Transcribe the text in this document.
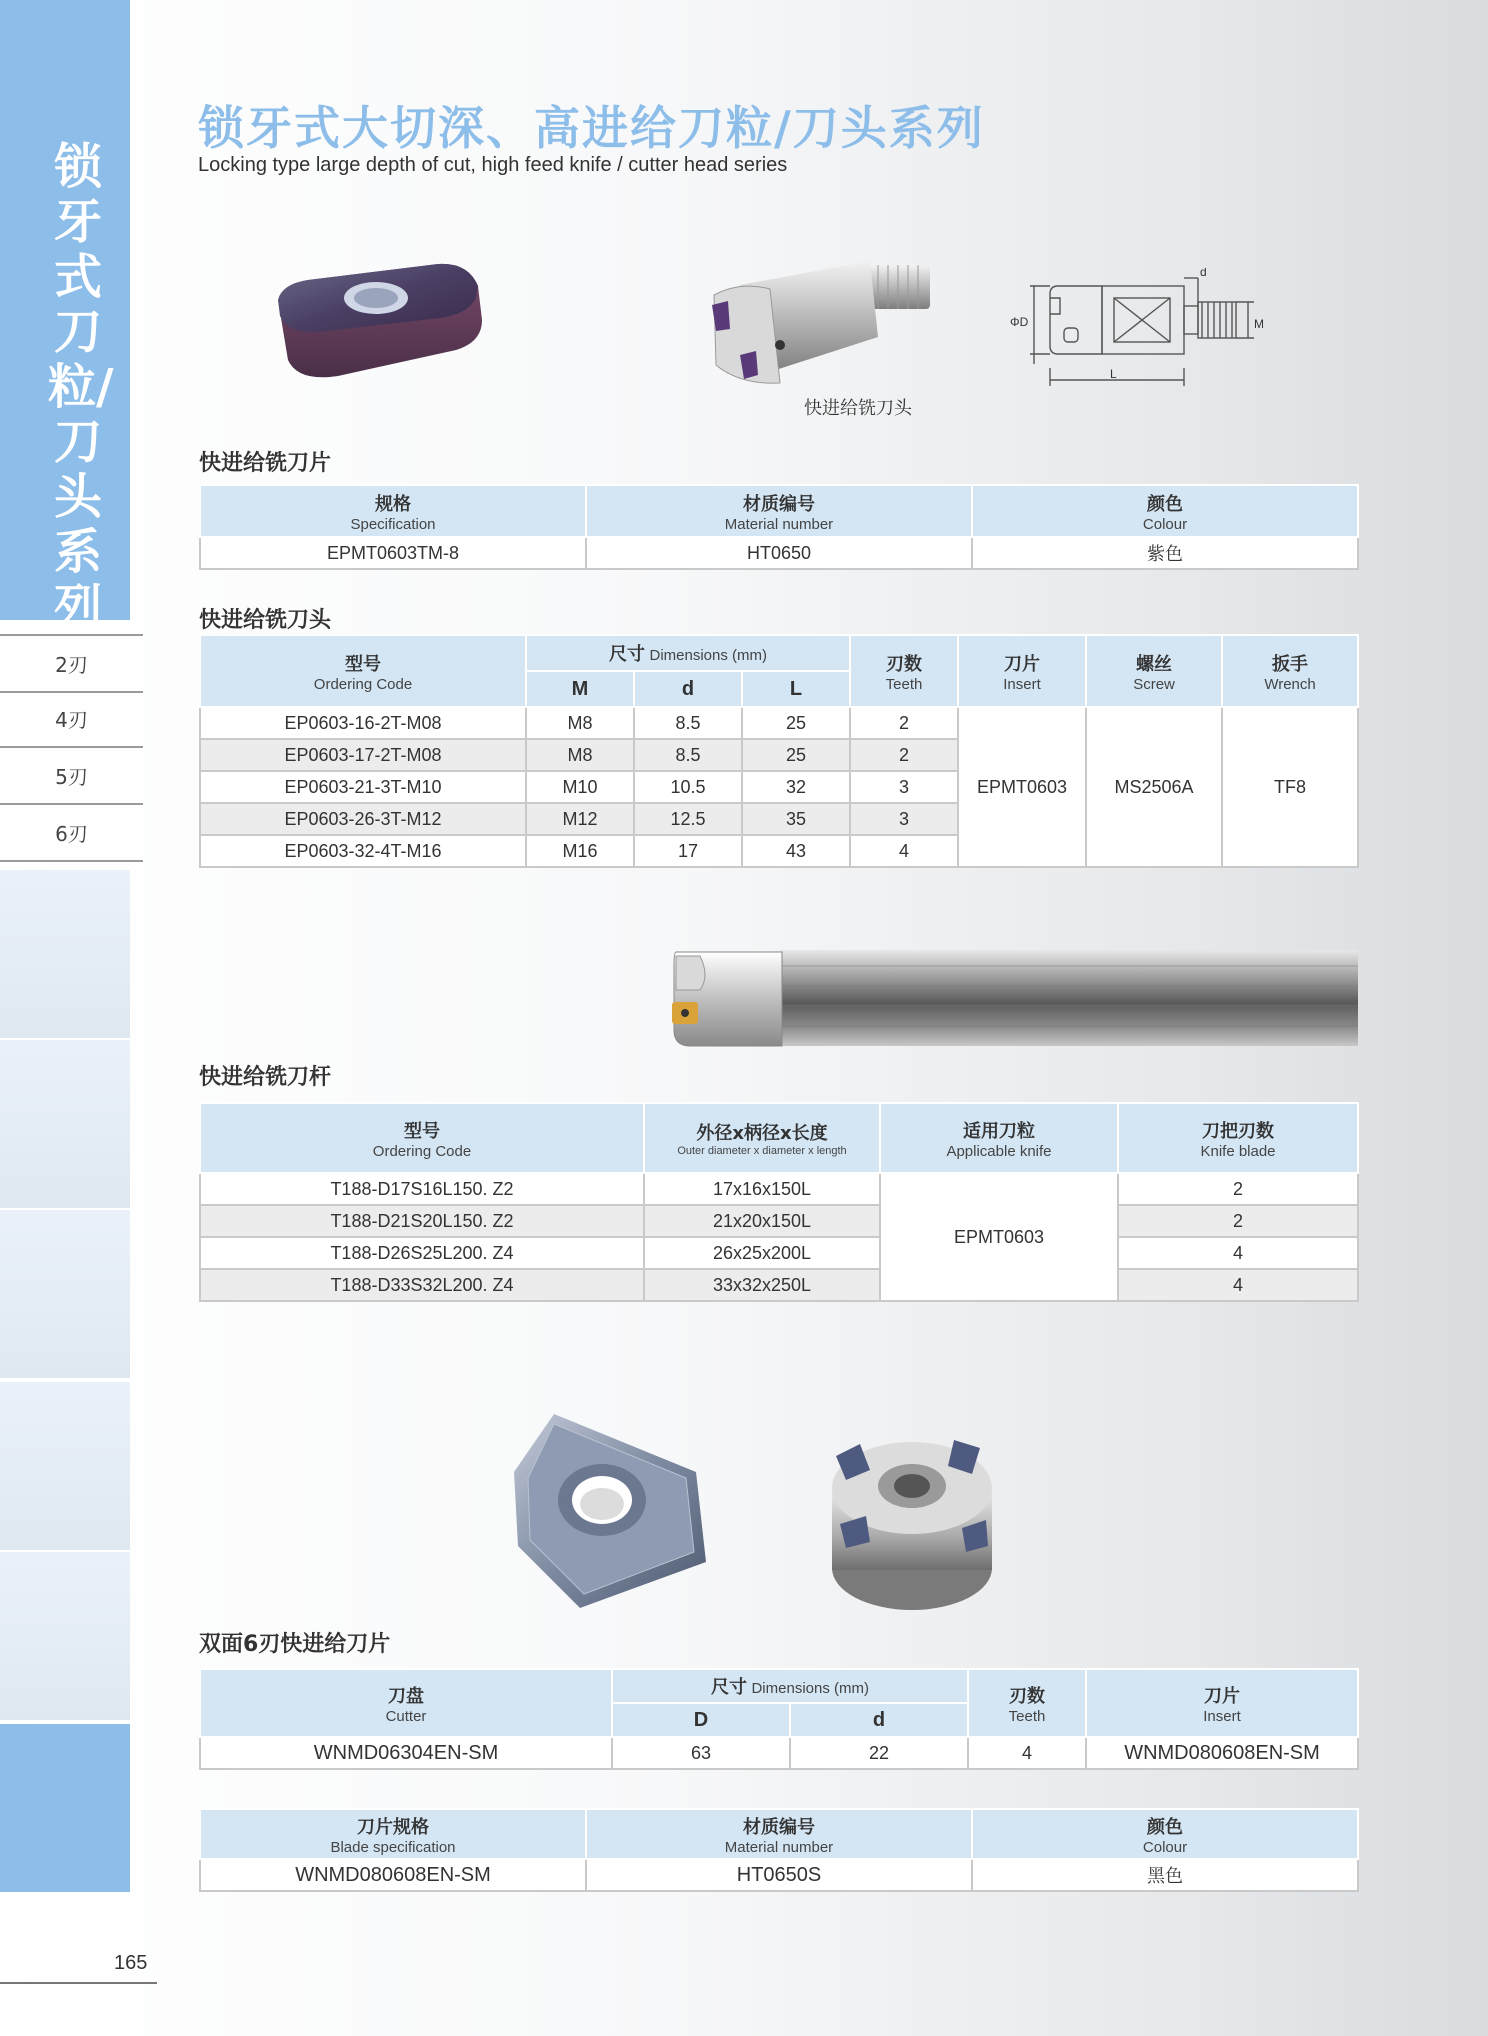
锁牙式刀粒/刀头系列
2刃
4刃
5刃
6刃
锁牙式大切深、高进给刀粒/刀头系列
Locking type large depth of cut, high feed knife / cutter head series
快进给铣刀头
ΦD
d
M
L
快进给铣刀片
规格
Specification	材质编号
Material number	颜色
Colour

EPMT0603TM-8	HT0650	紫色
快进给铣刀头
型号
Ordering Code	尺寸 Dimensions (mm)			刃数
Teeth	刀片
Insert	螺丝
Screw	扳手
Wrench

	M	d	L				
EP0603-16-2T-M08	M8	8.5	25	2	EPMT0603	MS2506A	TF8
EP0603-17-2T-M08	M8	8.5	25	2			
EP0603-21-3T-M10	M10	10.5	32	3			
EP0603-26-3T-M12	M12	12.5	35	3			
EP0603-32-4T-M16	M16	17	43	4			
快进给铣刀杆
型号
Ordering Code	外径x柄径x长度
Outer diameter x diameter x length	适用刀粒
Applicable knife	刀把刃数
Knife blade

T188-D17S16L150. Z2	17x16x150L	EPMT0603	2
T188-D21S20L150. Z2	21x20x150L		2
T188-D26S25L200. Z4	26x25x200L		4
T188-D33S32L200. Z4	33x32x250L		4
双面6刃快进给刀片
刀盘
Cutter	尺寸 Dimensions (mm)		刃数
Teeth	刀片
Insert

	D	d		
WNMD06304EN-SM	63	22	4	WNMD080608EN-SM
刀片规格
Blade specification	材质编号
Material number	颜色
Colour

WNMD080608EN-SM	HT0650S	黑色
165
